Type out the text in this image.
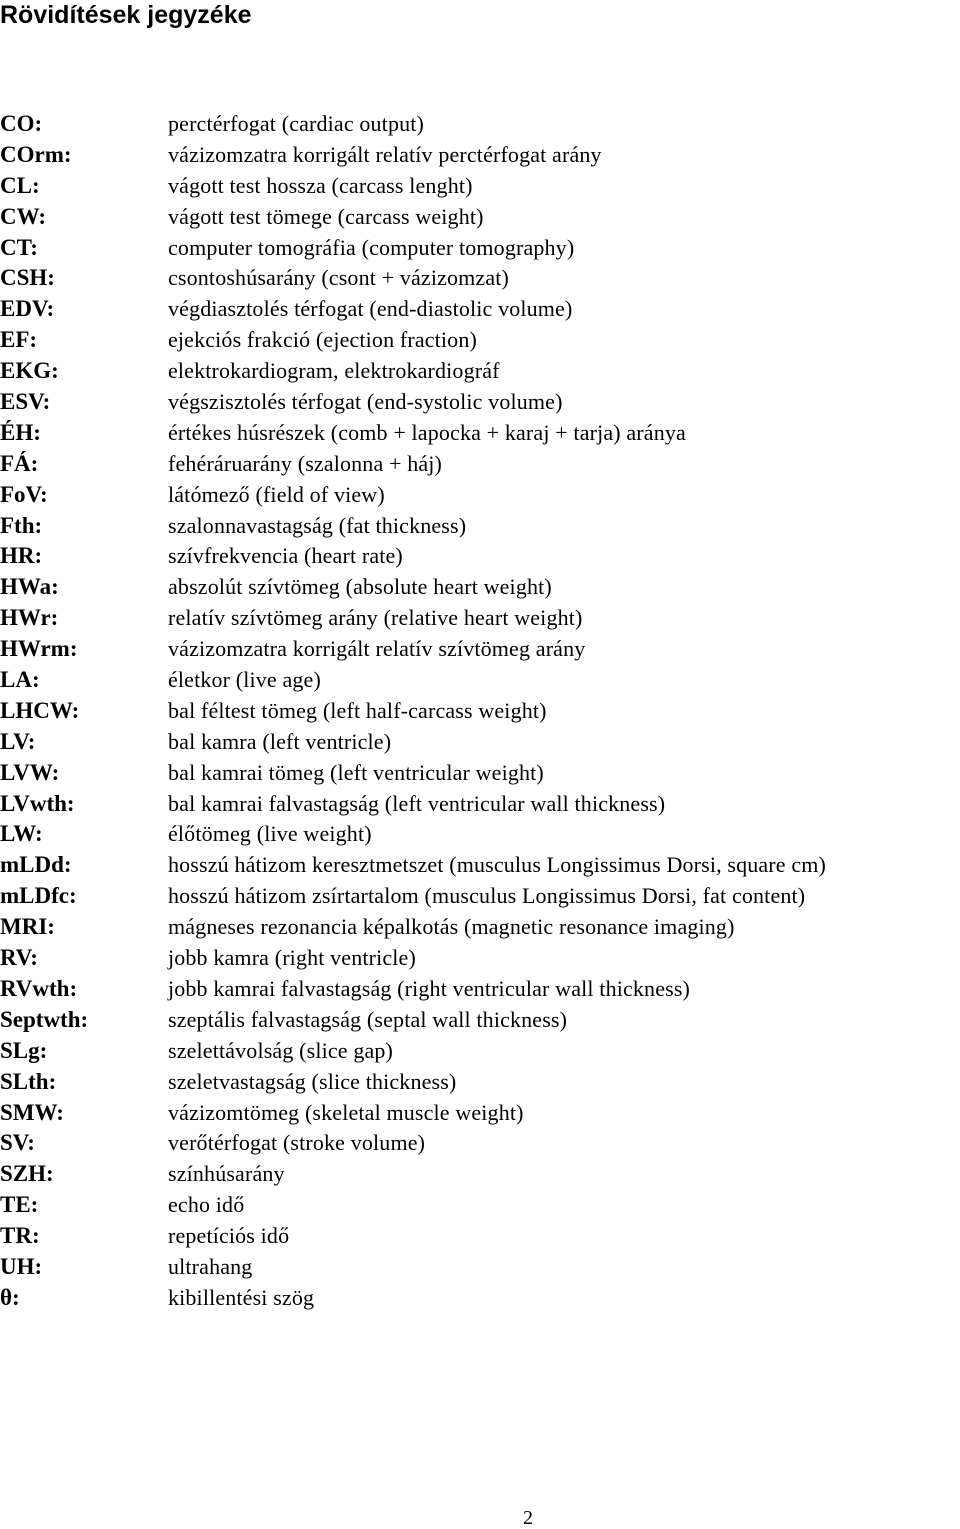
Rövidítések jegyzéke
CO:	perctérfogat (cardiac output)
COrm:	vázizomzatra korrigált relatív perctérfogat arány
CL:	vágott test hossza (carcass lenght)
CW:	vágott test tömege (carcass weight)
CT:	computer tomográfia (computer tomography)
CSH:	csontoshúsarány (csont + vázizomzat)
EDV:	végdiasztolés térfogat (end-diastolic volume)
EF:	ejekciós frakció (ejection fraction)
EKG:	elektrokardiogram, elektrokardiográf
ESV:	végszisztolés térfogat (end-systolic volume)
ÉH:	értékes húsrészek (comb + lapocka + karaj + tarja) aránya
FÁ:	fehéráruarány (szalonna + háj)
FoV:	látómező (field of view)
Fth:	szalonnavastagság (fat thickness)
HR:	szívfrekvencia (heart rate)
HWa:	abszolút szívtömeg (absolute heart weight)
HWr:	relatív szívtömeg arány (relative heart weight)
HWrm:	vázizomzatra korrigált relatív szívtömeg arány
LA:	életkor (live age)
LHCW:	bal féltest tömeg (left half-carcass weight)
LV:	bal kamra (left ventricle)
LVW:	bal kamrai tömeg (left ventricular weight)
LVwth:	bal kamrai falvastagság (left ventricular wall thickness)
LW:	élőtömeg (live weight)
mLDd:	hosszú hátizom keresztmetszet (musculus Longissimus Dorsi, square cm)
mLDfc:	hosszú hátizom zsírtartalom (musculus Longissimus Dorsi, fat content)
MRI:	mágneses rezonancia képalkotás (magnetic resonance imaging)
RV:	jobb kamra (right ventricle)
RVwth:	jobb kamrai falvastagság (right ventricular wall thickness)
Septwth:	szeptális falvastagság (septal wall thickness)
SLg:	szelettávolság (slice gap)
SLth:	szeletvastagság (slice thickness)
SMW:	vázizomtömeg (skeletal muscle weight)
SV:	verőtérfogat (stroke volume)
SZH:	színhúsarány
TE:	echo idő
TR:	repetíciós idő
UH:	ultrahang
θ:	kibillentési szög
2
